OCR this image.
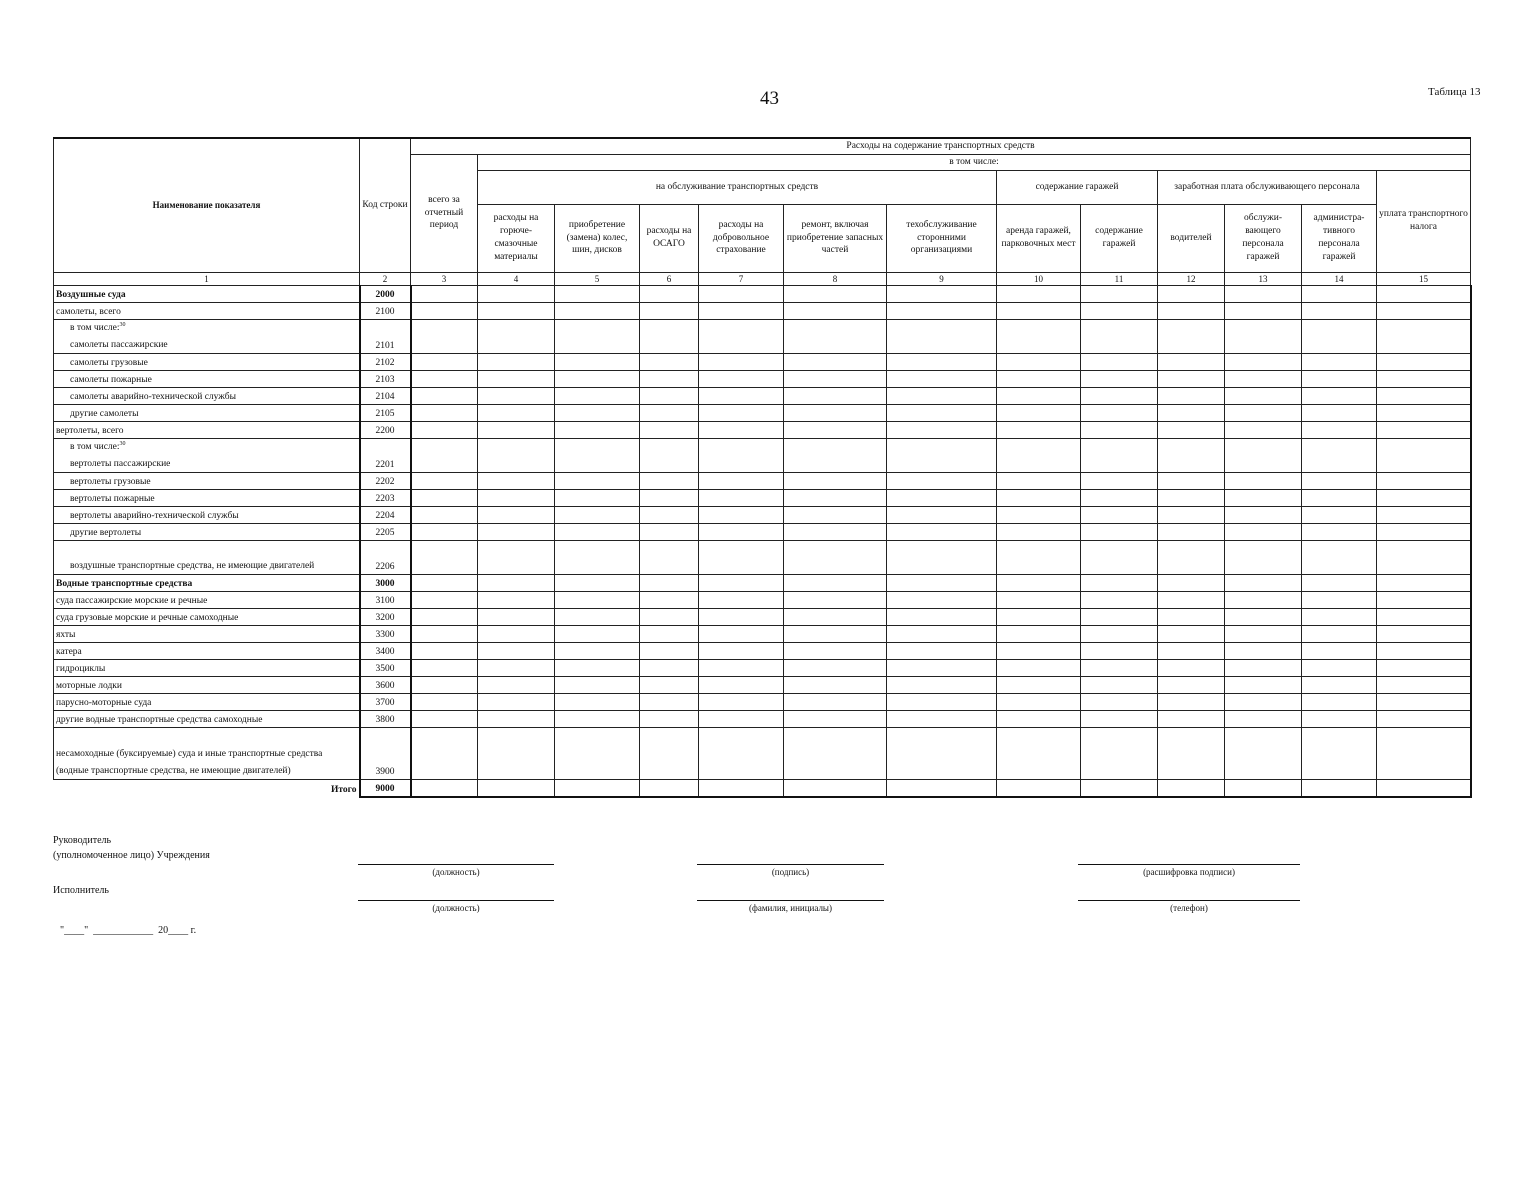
43	Таблица 13
Наименование показателя	Код строки	Расходы на содержание транспортных средств												
		всего за отчетный период	в том числе:											
			на обслуживание транспортных средств						содержание гаражей		заработная плата обслуживающего персонала			уплата транспортного налога
			расходы на горюче-смазочные материалы	приобретение (замена) колес, шин, дисков	расходы на ОСАГО	расходы на добровольное страхование	ремонт, включая приобретение запасных частей	техобслуживание сторонними организациями	аренда гаражей, парковочных мест	содержание гаражей	водителей	обслужи-вающего персонала гаражей	администра-тивного персонала гаражей	
1	2	3	4	5	6	7	8	9	10	11	12	13	14	15
Воздушные суда	2000													
самолеты, всего	2100													
в том числе:$^{30}$
самолеты пассажирские	2101													
самолеты грузовые	2102													
самолеты пожарные	2103													
самолеты аварийно-технической службы	2104													
другие самолеты	2105													
вертолеты, всего	2200													
в том числе:$^{30}$
вертолеты пассажирские	2201													
вертолеты грузовые	2202													
вертолеты пожарные	2203													
вертолеты аварийно-технической службы	2204													
другие вертолеты	2205													
воздушные транспортные средства, не имеющие двигателей	2206													
Водные транспортные средства	3000													
суда пассажирские морские и речные	3100													
суда грузовые морские и речные самоходные	3200													
яхты	3300													
катера	3400													
гидроциклы	3500													
моторные лодки	3600													
парусно-моторные суда	3700													
другие водные транспортные средства самоходные	3800													
несамоходные (буксируемые) суда и иные транспортные средства (водные транспортные средства, не имеющие двигателей)	3900													
Итого	9000													
Руководитель
(уполномоченное лицо) Учреждения
(должность)	(подпись)	(расшифровка подписи)
Исполнитель
(должность)	(фамилия, инициалы)	(телефон)
"____"  ____________  20____ г.
